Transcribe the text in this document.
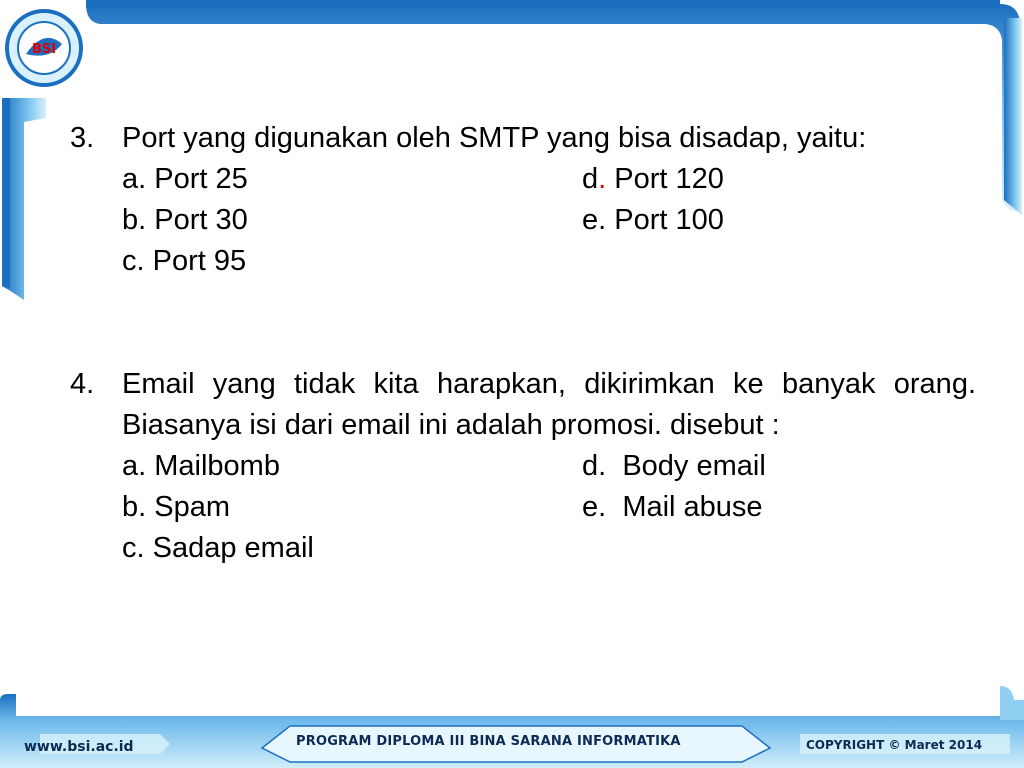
BSI
3. Port yang digunakan oleh SMTP yang bisa disadap, yaitu:
a. Port 25
b. Port 30
c. Port 95
d. Port 120
e. Port 100
4. Email yang tidak kita harapkan, dikirimkan ke banyak orang. Biasanya isi dari email ini adalah promosi. disebut :
a. Mailbomb
b. Spam
c. Sadap email
d. Body email
e. Mail abuse
www.bsi.ac.id	PROGRAM DIPLOMA III BINA SARANA INFORMATIKA	COPYRIGHT © Maret 2014
